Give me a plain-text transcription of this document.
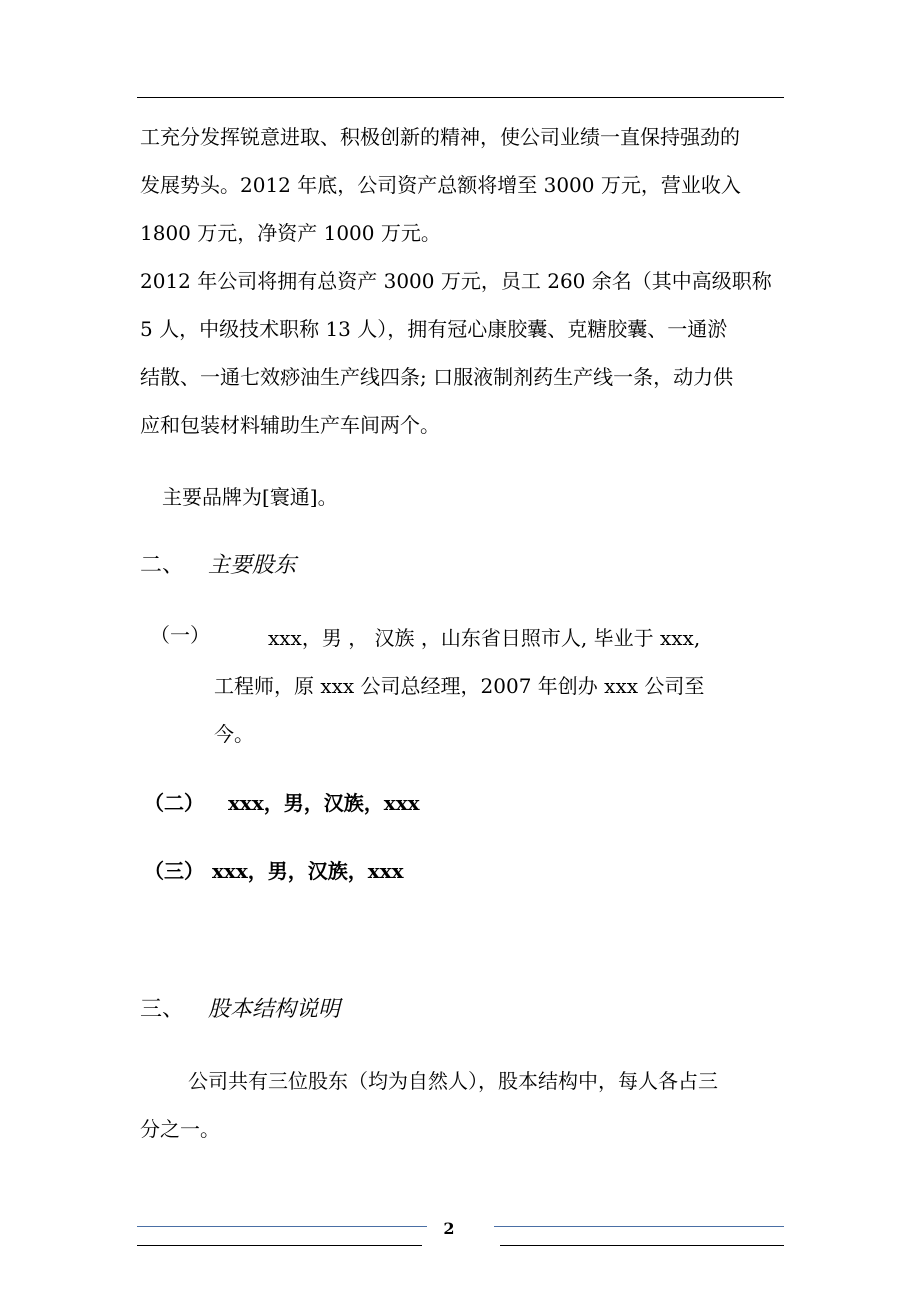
工充分发挥锐意进取、积极创新的精神，使公司业绩一直保持强劲的
发展势头。2012 年底，公司资产总额将增至 3000 万元，营业收入
1800 万元，净资产 1000 万元。
2012 年公司将拥有总资产 3000 万元，员工 260 余名（其中高级职称
5 人，中级技术职称 13 人），拥有冠心康胶囊、克糖胶囊、一通淤
结散、一通七效痧油生产线四条; 口服液制剂药生产线一条，动力供
应和包装材料辅助生产车间两个。
主要品牌为[寰通]。
二、 主要股东
（一）	xxx，男 ， 汉族 ，山东省日照市人, 毕业于 xxx,
工程师，原 xxx 公司总经理，2007 年创办 xxx 公司至
今。
（二） xxx，男，汉族，xxx
（三） xxx，男，汉族，xxx
三、 股本结构说明
公司共有三位股东（均为自然人），股本结构中，每人各占三
分之一。
2
